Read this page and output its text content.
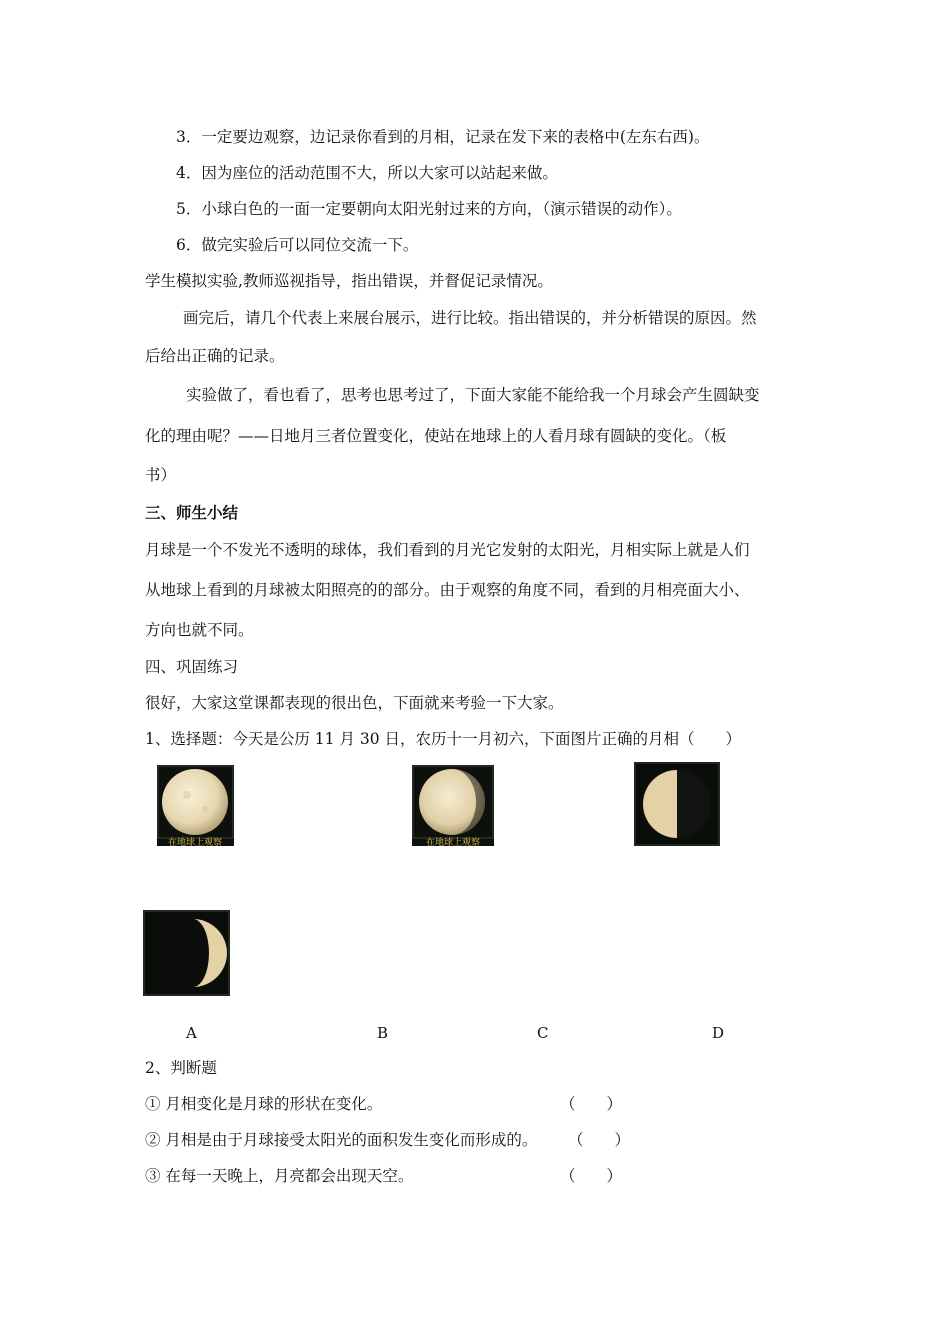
3．一定要边观察，边记录你看到的月相，记录在发下来的表格中(左东右西)。
4．因为座位的活动范围不大，所以大家可以站起来做。
5．小球白色的一面一定要朝向太阳光射过来的方向，（演示错误的动作）。
6．做完实验后可以同位交流一下。
学生模拟实验,教师巡视指导，指出错误，并督促记录情况。
画完后，请几个代表上来展台展示，进行比较。指出错误的，并分析错误的原因。然
后给出正确的记录。
实验做了，看也看了，思考也思考过了，下面大家能不能给我一个月球会产生圆缺变
化的理由呢？——日地月三者位置变化，使站在地球上的人看月球有圆缺的变化。（板
书）
三、师生小结
月球是一个不发光不透明的球体，我们看到的月光它发射的太阳光，月相实际上就是人们
从地球上看到的月球被太阳照亮的的部分。由于观察的角度不同，看到的月相亮面大小、
方向也就不同。
四、巩固练习
很好，大家这堂课都表现的很出色，下面就来考验一下大家。
1、选择题：今天是公历 11 月 30 日，农历十一月初六，下面图片正确的月相（　　）
在地球上观察	在地球上观察
A	B	C	D
2、判断题
① 月相变化是月球的形状在变化。	（　　）
② 月相是由于月球接受太阳光的面积发生变化而形成的。 （　　）
③ 在每一天晚上，月亮都会出现天空。	（　　）
